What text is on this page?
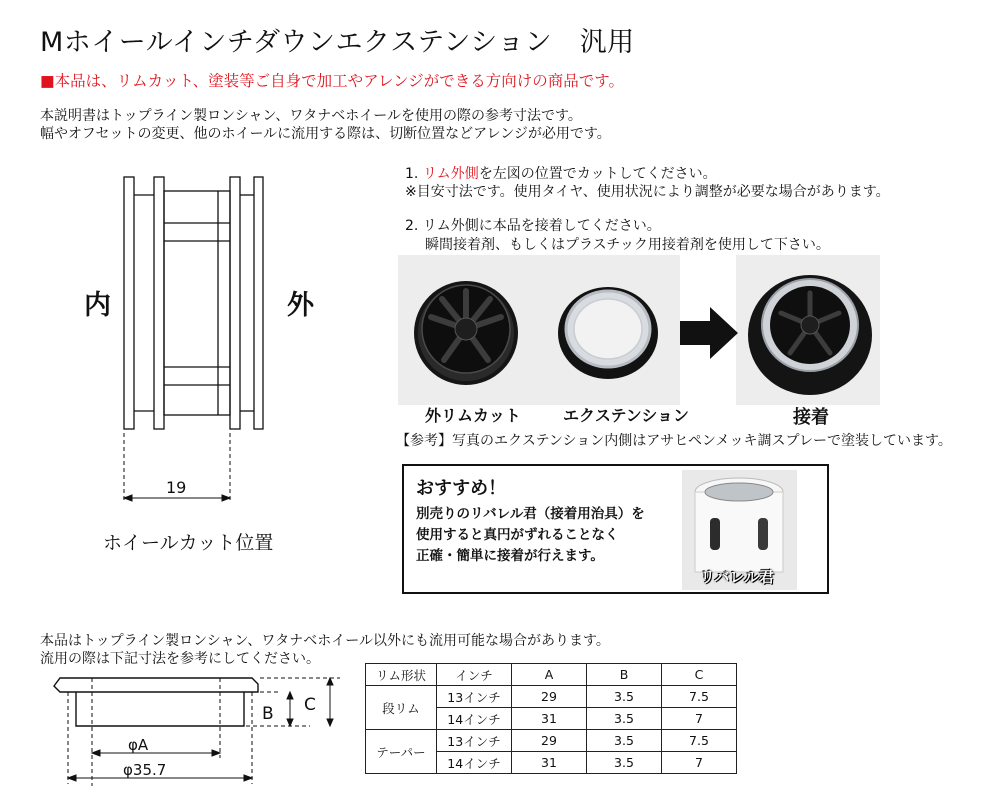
Mホイールインチダウンエクステンション　汎用
■本品は、リムカット、塗装等ご自身で加工やアレンジができる方向けの商品です。
本説明書はトップライン製ロンシャン、ワタナベホイールを使用の際の参考寸法です。
幅やオフセットの変更、他のホイールに流用する際は、切断位置などアレンジが必用です。
内	外
19
ホイールカット位置
1. リム外側を左図の位置でカットしてください。
※目安寸法です。使用タイヤ、使用状況により調整が必要な場合があります。
2. リム外側に本品を接着してください。
瞬間接着剤、もしくはプラスチック用接着剤を使用して下さい。
外リムカット	エクステンション	接着
【参考】写真のエクステンション内側はアサヒペンメッキ調スプレーで塗装しています。
おすすめ！
別売りのリバレル君（接着用治具）を
使用すると真円がずれることなく
正確・簡単に接着が行えます。
リバレル君
本品はトップライン製ロンシャン、ワタナベホイール以外にも流用可能な場合があります。
流用の際は下記寸法を参考にしてください。
B C
φA
φ35.7
リム形状	インチ	A	B	C
段リム	13インチ	29	3.5	7.5
	14インチ	31	3.5	7
テーパー	13インチ	29	3.5	7.5
	14インチ	31	3.5	7
